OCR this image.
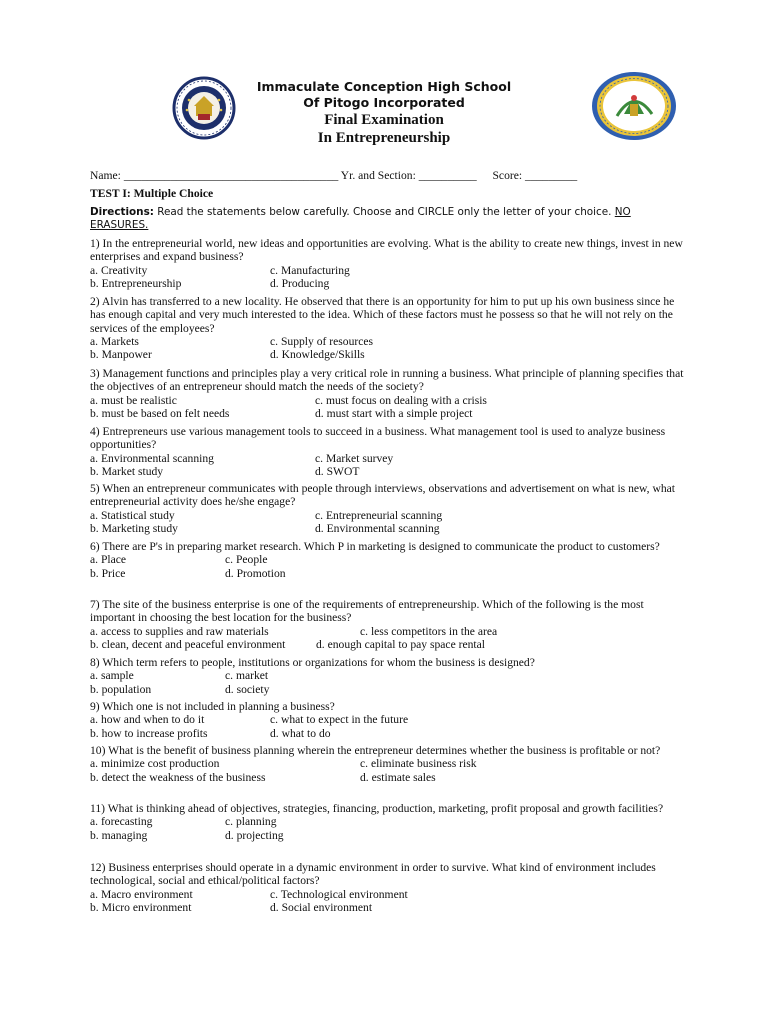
Immaculate Conception High School
Of Pitogo Incorporated
Final Examination
In Entrepreneurship
Name: _____________________________________ Yr. and Section: __________ Score: _________
TEST I: Multiple Choice
Directions: Read the statements below carefully. Choose and CIRCLE only the letter of your choice. NO ERASURES.
1) In the entrepreneurial world, new ideas and opportunities are evolving. What is the ability to create new things, invest in new enterprises and expand business?
a. Creativity	c. Manufacturing
b. Entrepreneurship	d. Producing
2) Alvin has transferred to a new locality. He observed that there is an opportunity for him to put up his own business since he has enough capital and very much interested to the idea. Which of these factors must he possess so that he will not rely on the services of the employees?
a. Markets	c. Supply of resources
b. Manpower	d. Knowledge/Skills
3) Management functions and principles play a very critical role in running a business. What principle of planning specifies that the objectives of an entrepreneur should match the needs of the society?
a. must be realistic	c. must focus on dealing with a crisis
b. must be based on felt needs	d. must start with a simple project
4) Entrepreneurs use various management tools to succeed in a business. What management tool is used to analyze business opportunities?
a. Environmental scanning	c. Market survey
b. Market study	d. SWOT
5) When an entrepreneur communicates with people through interviews, observations and advertisement on what is new, what entrepreneurial activity does he/she engage?
a. Statistical study	c. Entrepreneurial scanning
b. Marketing study	d. Environmental scanning
6) There are P's in preparing market research. Which P in marketing is designed to communicate the product to customers?
a. Place	c. People
b. Price	d. Promotion
7) The site of the business enterprise is one of the requirements of entrepreneurship. Which of the following is the most important in choosing the best location for the business?
a. access to supplies and raw materials	c. less competitors in the area
b. clean, decent and peaceful environment	d. enough capital to pay space rental
8) Which term refers to people, institutions or organizations for whom the business is designed?
a. sample	c. market
b. population	d. society
9) Which one is not included in planning a business?
a. how and when to do it	c. what to expect in the future
b. how to increase profits	d. what to do
10) What is the benefit of business planning wherein the entrepreneur determines whether the business is profitable or not?
a. minimize cost production	c. eliminate business risk
b. detect the weakness of the business	d. estimate sales
11) What is thinking ahead of objectives, strategies, financing, production, marketing, profit proposal and growth facilities?
a. forecasting	c. planning
b. managing	d. projecting
12) Business enterprises should operate in a dynamic environment in order to survive. What kind of environment includes technological, social and ethical/political factors?
a. Macro environment	c. Technological environment
b. Micro environment	d. Social environment
